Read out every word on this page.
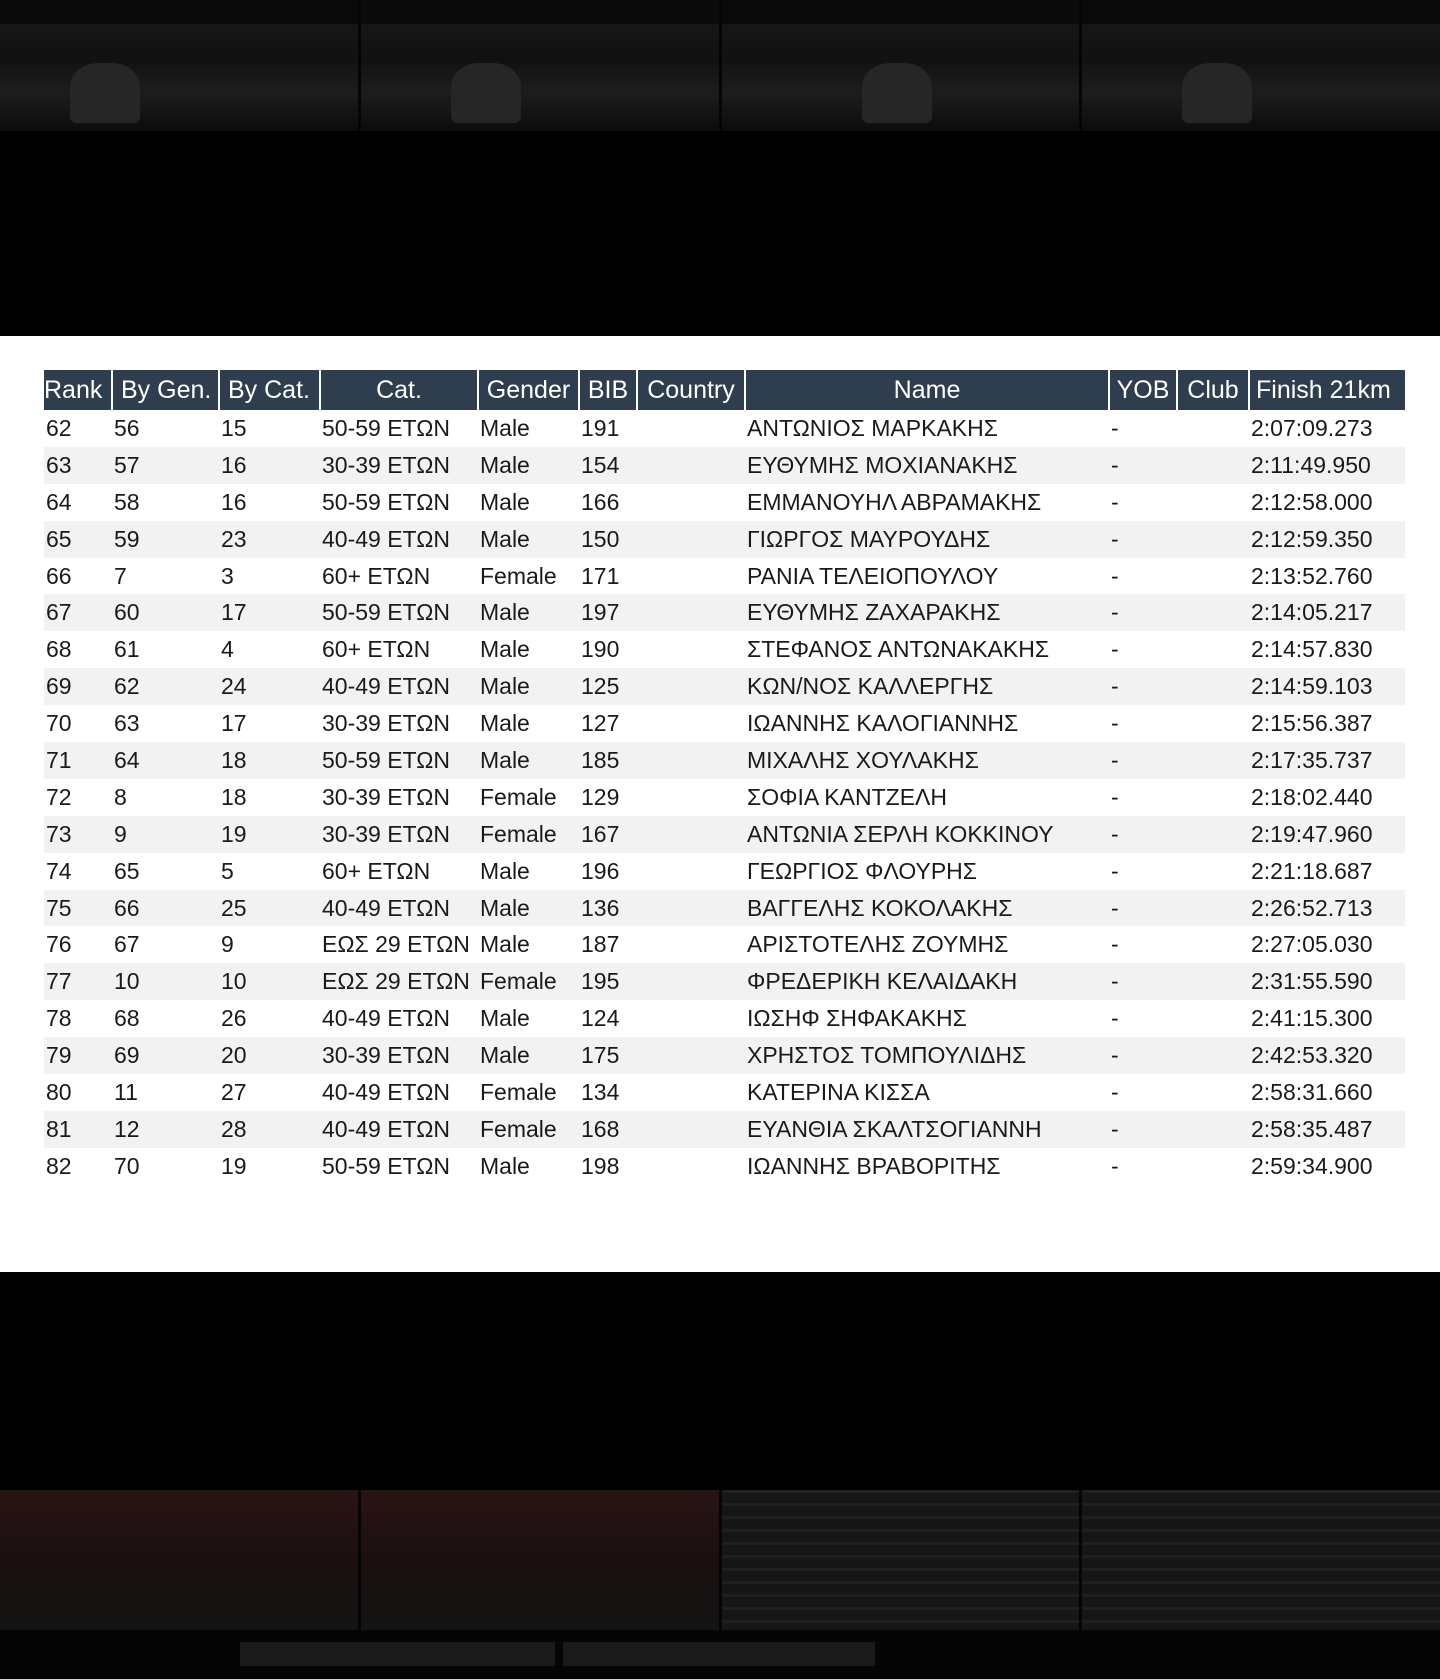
Rank	By Gen.	By Cat.	Cat.	Gender	BIB	Country	Name	YOB	Club	Finish 21km
62	56	15	50-59 ΕΤΩΝ	Male	191		ΑΝΤΩΝΙΟΣ ΜΑΡΚΑΚΗΣ	-		2:07:09.273
63	57	16	30-39 ΕΤΩΝ	Male	154		ΕΥΘΥΜΗΣ ΜΟΧΙΑΝΑΚΗΣ	-		2:11:49.950
64	58	16	50-59 ΕΤΩΝ	Male	166		ΕΜΜΑΝΟΥΗΛ ΑΒΡΑΜΑΚΗΣ	-		2:12:58.000
65	59	23	40-49 ΕΤΩΝ	Male	150		ΓΙΩΡΓΟΣ ΜΑΥΡΟΥΔΗΣ	-		2:12:59.350
66	7	3	60+ ΕΤΩΝ	Female	171		ΡΑΝΙΑ ΤΕΛΕΙΟΠΟΥΛΟΥ	-		2:13:52.760
67	60	17	50-59 ΕΤΩΝ	Male	197		ΕΥΘΥΜΗΣ ΖΑΧΑΡΑΚΗΣ	-		2:14:05.217
68	61	4	60+ ΕΤΩΝ	Male	190		ΣΤΕΦΑΝΟΣ ΑΝΤΩΝΑΚΑΚΗΣ	-		2:14:57.830
69	62	24	40-49 ΕΤΩΝ	Male	125		ΚΩΝ/ΝΟΣ ΚΑΛΛΕΡΓΗΣ	-		2:14:59.103
70	63	17	30-39 ΕΤΩΝ	Male	127		ΙΩΑΝΝΗΣ ΚΑΛΟΓΙΑΝΝΗΣ	-		2:15:56.387
71	64	18	50-59 ΕΤΩΝ	Male	185		ΜΙΧΑΛΗΣ ΧΟΥΛΑΚΗΣ	-		2:17:35.737
72	8	18	30-39 ΕΤΩΝ	Female	129		ΣΟΦΙΑ ΚΑΝΤΖΕΛΗ	-		2:18:02.440
73	9	19	30-39 ΕΤΩΝ	Female	167		ΑΝΤΩΝΙΑ ΣΕΡΛΗ ΚΟΚΚΙΝΟΥ	-		2:19:47.960
74	65	5	60+ ΕΤΩΝ	Male	196		ΓΕΩΡΓΙΟΣ ΦΛΟΥΡΗΣ	-		2:21:18.687
75	66	25	40-49 ΕΤΩΝ	Male	136		ΒΑΓΓΕΛΗΣ ΚΟΚΟΛΑΚΗΣ	-		2:26:52.713
76	67	9	ΕΩΣ 29 ΕΤΩΝ	Male	187		ΑΡΙΣΤΟΤΕΛΗΣ ΖΟΥΜΗΣ	-		2:27:05.030
77	10	10	ΕΩΣ 29 ΕΤΩΝ	Female	195		ΦΡΕΔΕΡΙΚΗ ΚΕΛΑΙΔΑΚΗ	-		2:31:55.590
78	68	26	40-49 ΕΤΩΝ	Male	124		ΙΩΣΗΦ ΣΗΦΑΚΑΚΗΣ	-		2:41:15.300
79	69	20	30-39 ΕΤΩΝ	Male	175		ΧΡΗΣΤΟΣ ΤΟΜΠΟΥΛΙΔΗΣ	-		2:42:53.320
80	11	27	40-49 ΕΤΩΝ	Female	134		ΚΑΤΕΡΙΝΑ ΚΙΣΣΑ	-		2:58:31.660
81	12	28	40-49 ΕΤΩΝ	Female	168		ΕΥΑΝΘΙΑ ΣΚΑΛΤΣΟΓΙΑΝΝΗ	-		2:58:35.487
82	70	19	50-59 ΕΤΩΝ	Male	198		ΙΩΑΝΝΗΣ ΒΡΑΒΟΡΙΤΗΣ	-		2:59:34.900
